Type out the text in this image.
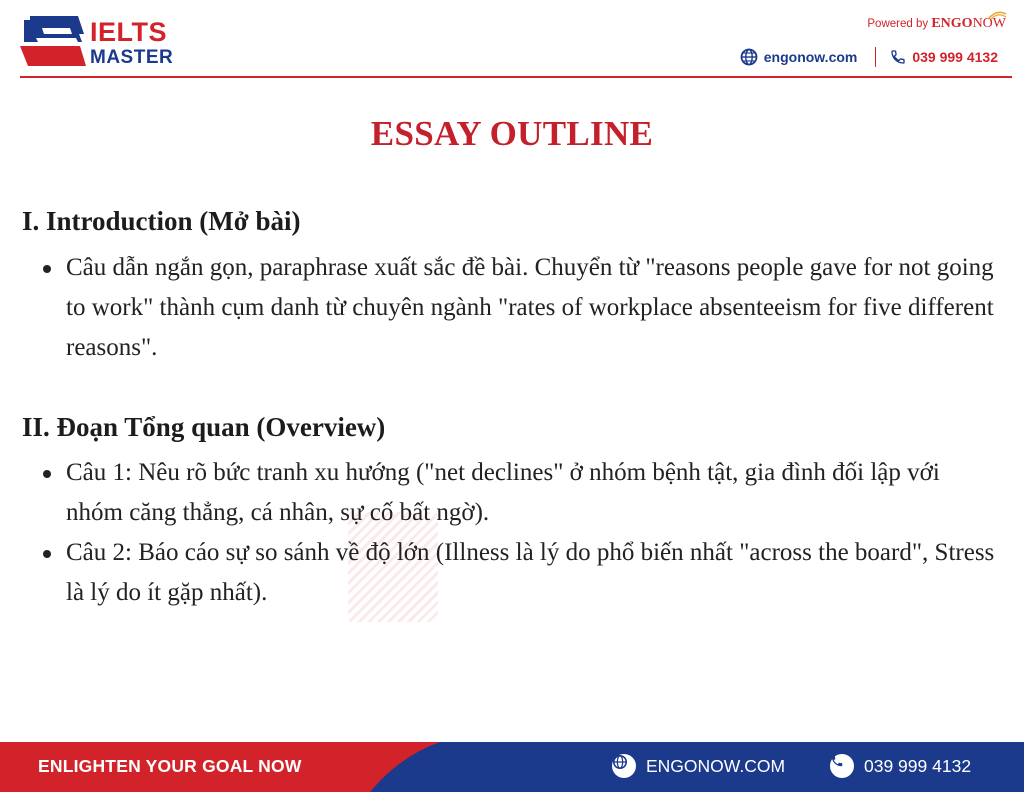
IELTS
MASTER
Powered by ENGONOW
engonow.com	039 999 4132
ESSAY OUTLINE
I. Introduction (Mở bài)
Câu dẫn ngắn gọn, paraphrase xuất sắc đề bài. Chuyển từ "reasons people gave for not going to work" thành cụm danh từ chuyên ngành "rates of workplace absenteeism for five different reasons".
II. Đoạn Tổng quan (Overview)
Câu 1: Nêu rõ bức tranh xu hướng ("net declines" ở nhóm bệnh tật, gia đình đối lập với nhóm căng thẳng, cá nhân, sự cố bất ngờ).
Câu 2: Báo cáo sự so sánh về độ lớn (Illness là lý do phổ biến nhất "across the board", Stress là lý do ít gặp nhất).
ENLIGHTEN YOUR GOAL NOW	ENGONOW.COM	039 999 4132
